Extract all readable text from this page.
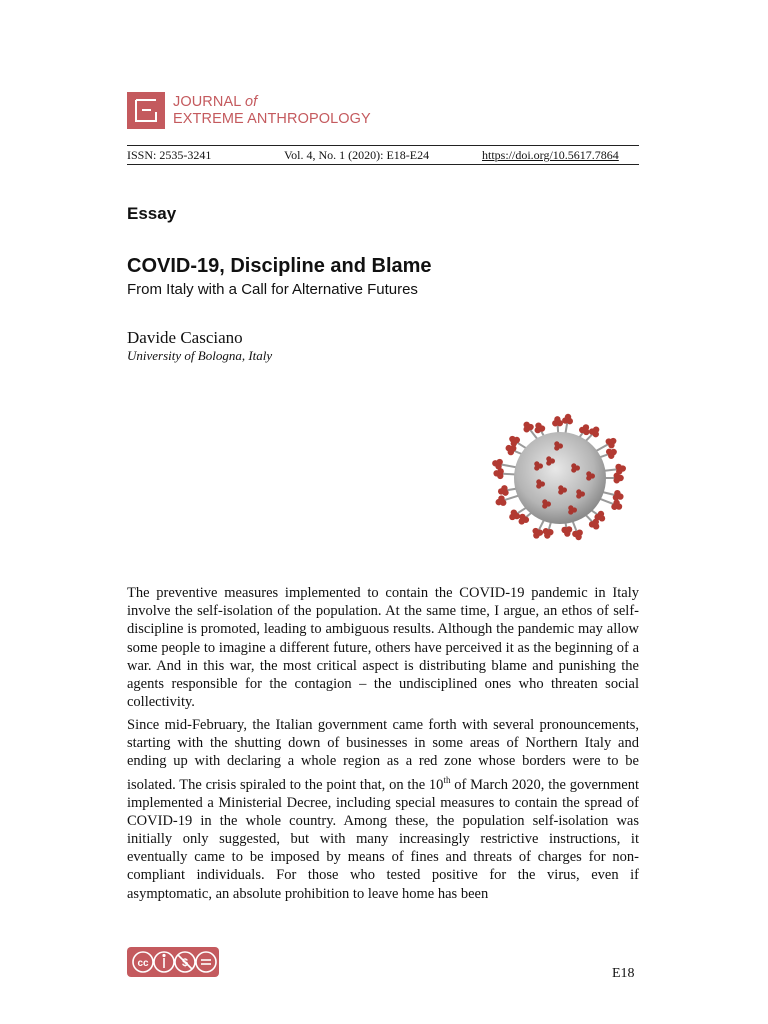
JOURNAL of
EXTREME ANTHROPOLOGY
ISSN: 2535-3241	Vol. 4, No. 1 (2020): E18-E24	https://doi.org/10.5617.7864
Essay
COVID-19, Discipline and Blame
From Italy with a Call for Alternative Futures
Davide Casciano
University of Bologna, Italy
The preventive measures implemented to contain the COVID-19 pandemic in Italy involve the self-isolation of the population. At the same time, I argue, an ethos of self-discipline is promoted, leading to ambiguous results. Although the pandemic may allow some people to imagine a different future, others have perceived it as the beginning of a war. And in this war, the most critical aspect is distributing blame and punishing the agents responsible for the contagion – the undisciplined ones who threaten social collectivity.
Since mid-February, the Italian government came forth with several pronouncements, starting with the shutting down of businesses in some areas of Northern Italy and ending up with declaring a whole region as a red zone whose borders were to be isolated. The crisis spiraled to the point that, on the 10th of March 2020, the government implemented a Ministerial Decree, including special measures to contain the spread of COVID-19 in the whole country. Among these, the population self-isolation was initially only suggested, but with many increasingly restrictive instructions, it eventually came to be imposed by means of fines and threats of charges for non-compliant individuals. For those who tested positive for the virus, even if asymptomatic, an absolute prohibition to leave home has been
cc	$
E18
